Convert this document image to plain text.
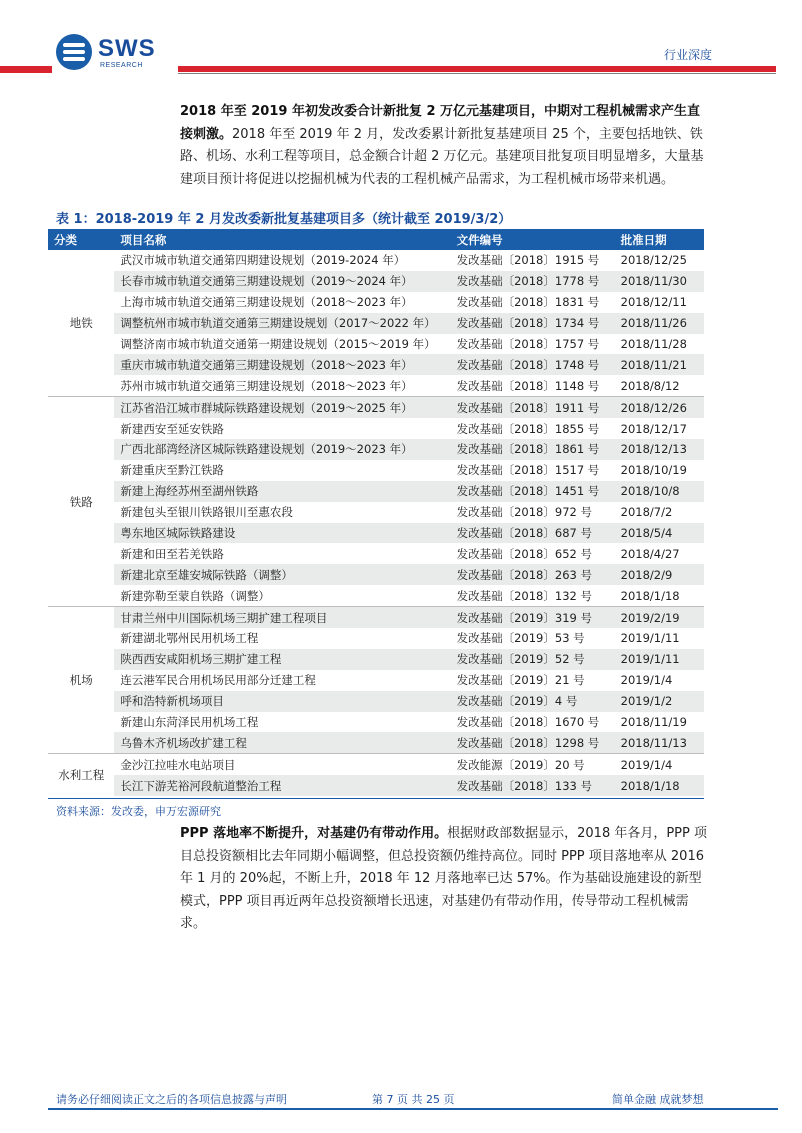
SWS
RESEARCH
行业深度
2018 年至 2019 年初发改委合计新批复 2 万亿元基建项目，中期对工程机械需求产生直接刺激。2018 年至 2019 年 2 月，发改委累计新批复基建项目 25 个，主要包括地铁、铁路、机场、水利工程等项目，总金额合计超 2 万亿元。基建项目批复项目明显增多，大量基建项目预计将促进以挖掘机械为代表的工程机械产品需求，为工程机械市场带来机遇。
表 1：2018-2019 年 2 月发改委新批复基建项目多（统计截至 2019/3/2）
分类	项目名称	文件编号	批准日期
地铁	武汉市城市轨道交通第四期建设规划（2019-2024 年）	发改基础〔2018〕1915 号	2018/12/25
	长春市城市轨道交通第三期建设规划（2019～2024 年）	发改基础〔2018〕1778 号	2018/11/30
	上海市城市轨道交通第三期建设规划（2018～2023 年）	发改基础〔2018〕1831 号	2018/12/11
	调整杭州市城市轨道交通第三期建设规划（2017～2022 年）	发改基础〔2018〕1734 号	2018/11/26
	调整济南市城市轨道交通第一期建设规划（2015～2019 年）	发改基础〔2018〕1757 号	2018/11/28
	重庆市城市轨道交通第三期建设规划（2018～2023 年）	发改基础〔2018〕1748 号	2018/11/21
	苏州市城市轨道交通第三期建设规划（2018～2023 年）	发改基础〔2018〕1148 号	2018/8/12
铁路	江苏省沿江城市群城际铁路建设规划（2019～2025 年）	发改基础〔2018〕1911 号	2018/12/26
	新建西安至延安铁路	发改基础〔2018〕1855 号	2018/12/17
	广西北部湾经济区城际铁路建设规划（2019～2023 年）	发改基础〔2018〕1861 号	2018/12/13
	新建重庆至黔江铁路	发改基础〔2018〕1517 号	2018/10/19
	新建上海经苏州至湖州铁路	发改基础〔2018〕1451 号	2018/10/8
	新建包头至银川铁路银川至惠农段	发改基础〔2018〕972 号	2018/7/2
	粤东地区城际铁路建设	发改基础〔2018〕687 号	2018/5/4
	新建和田至若羌铁路	发改基础〔2018〕652 号	2018/4/27
	新建北京至雄安城际铁路（调整）	发改基础〔2018〕263 号	2018/2/9
	新建弥勒至蒙自铁路（调整）	发改基础〔2018〕132 号	2018/1/18
机场	甘肃兰州中川国际机场三期扩建工程项目	发改基础〔2019〕319 号	2019/2/19
	新建湖北鄂州民用机场工程	发改基础〔2019〕53 号	2019/1/11
	陕西西安咸阳机场三期扩建工程	发改基础〔2019〕52 号	2019/1/11
	连云港军民合用机场民用部分迁建工程	发改基础〔2019〕21 号	2019/1/4
	呼和浩特新机场项目	发改基础〔2019〕4 号	2019/1/2
	新建山东菏泽民用机场工程	发改基础〔2018〕1670 号	2018/11/19
	乌鲁木齐机场改扩建工程	发改基础〔2018〕1298 号	2018/11/13
水利工程	金沙江拉哇水电站项目	发改能源〔2019〕20 号	2019/1/4
	长江下游芜裕河段航道整治工程	发改基础〔2018〕133 号	2018/1/18
资料来源：发改委，申万宏源研究
PPP 落地率不断提升，对基建仍有带动作用。根据财政部数据显示，2018 年各月，PPP 项目总投资额相比去年同期小幅调整，但总投资额仍维持高位。同时 PPP 项目落地率从 2016 年 1 月的 20%起，不断上升，2018 年 12 月落地率已达 57%。作为基础设施建设的新型模式，PPP 项目再近两年总投资额增长迅速，对基建仍有带动作用，传导带动工程机械需求。
请务必仔细阅读正文之后的各项信息披露与声明	第 7 页 共 25 页	简单金融 成就梦想
